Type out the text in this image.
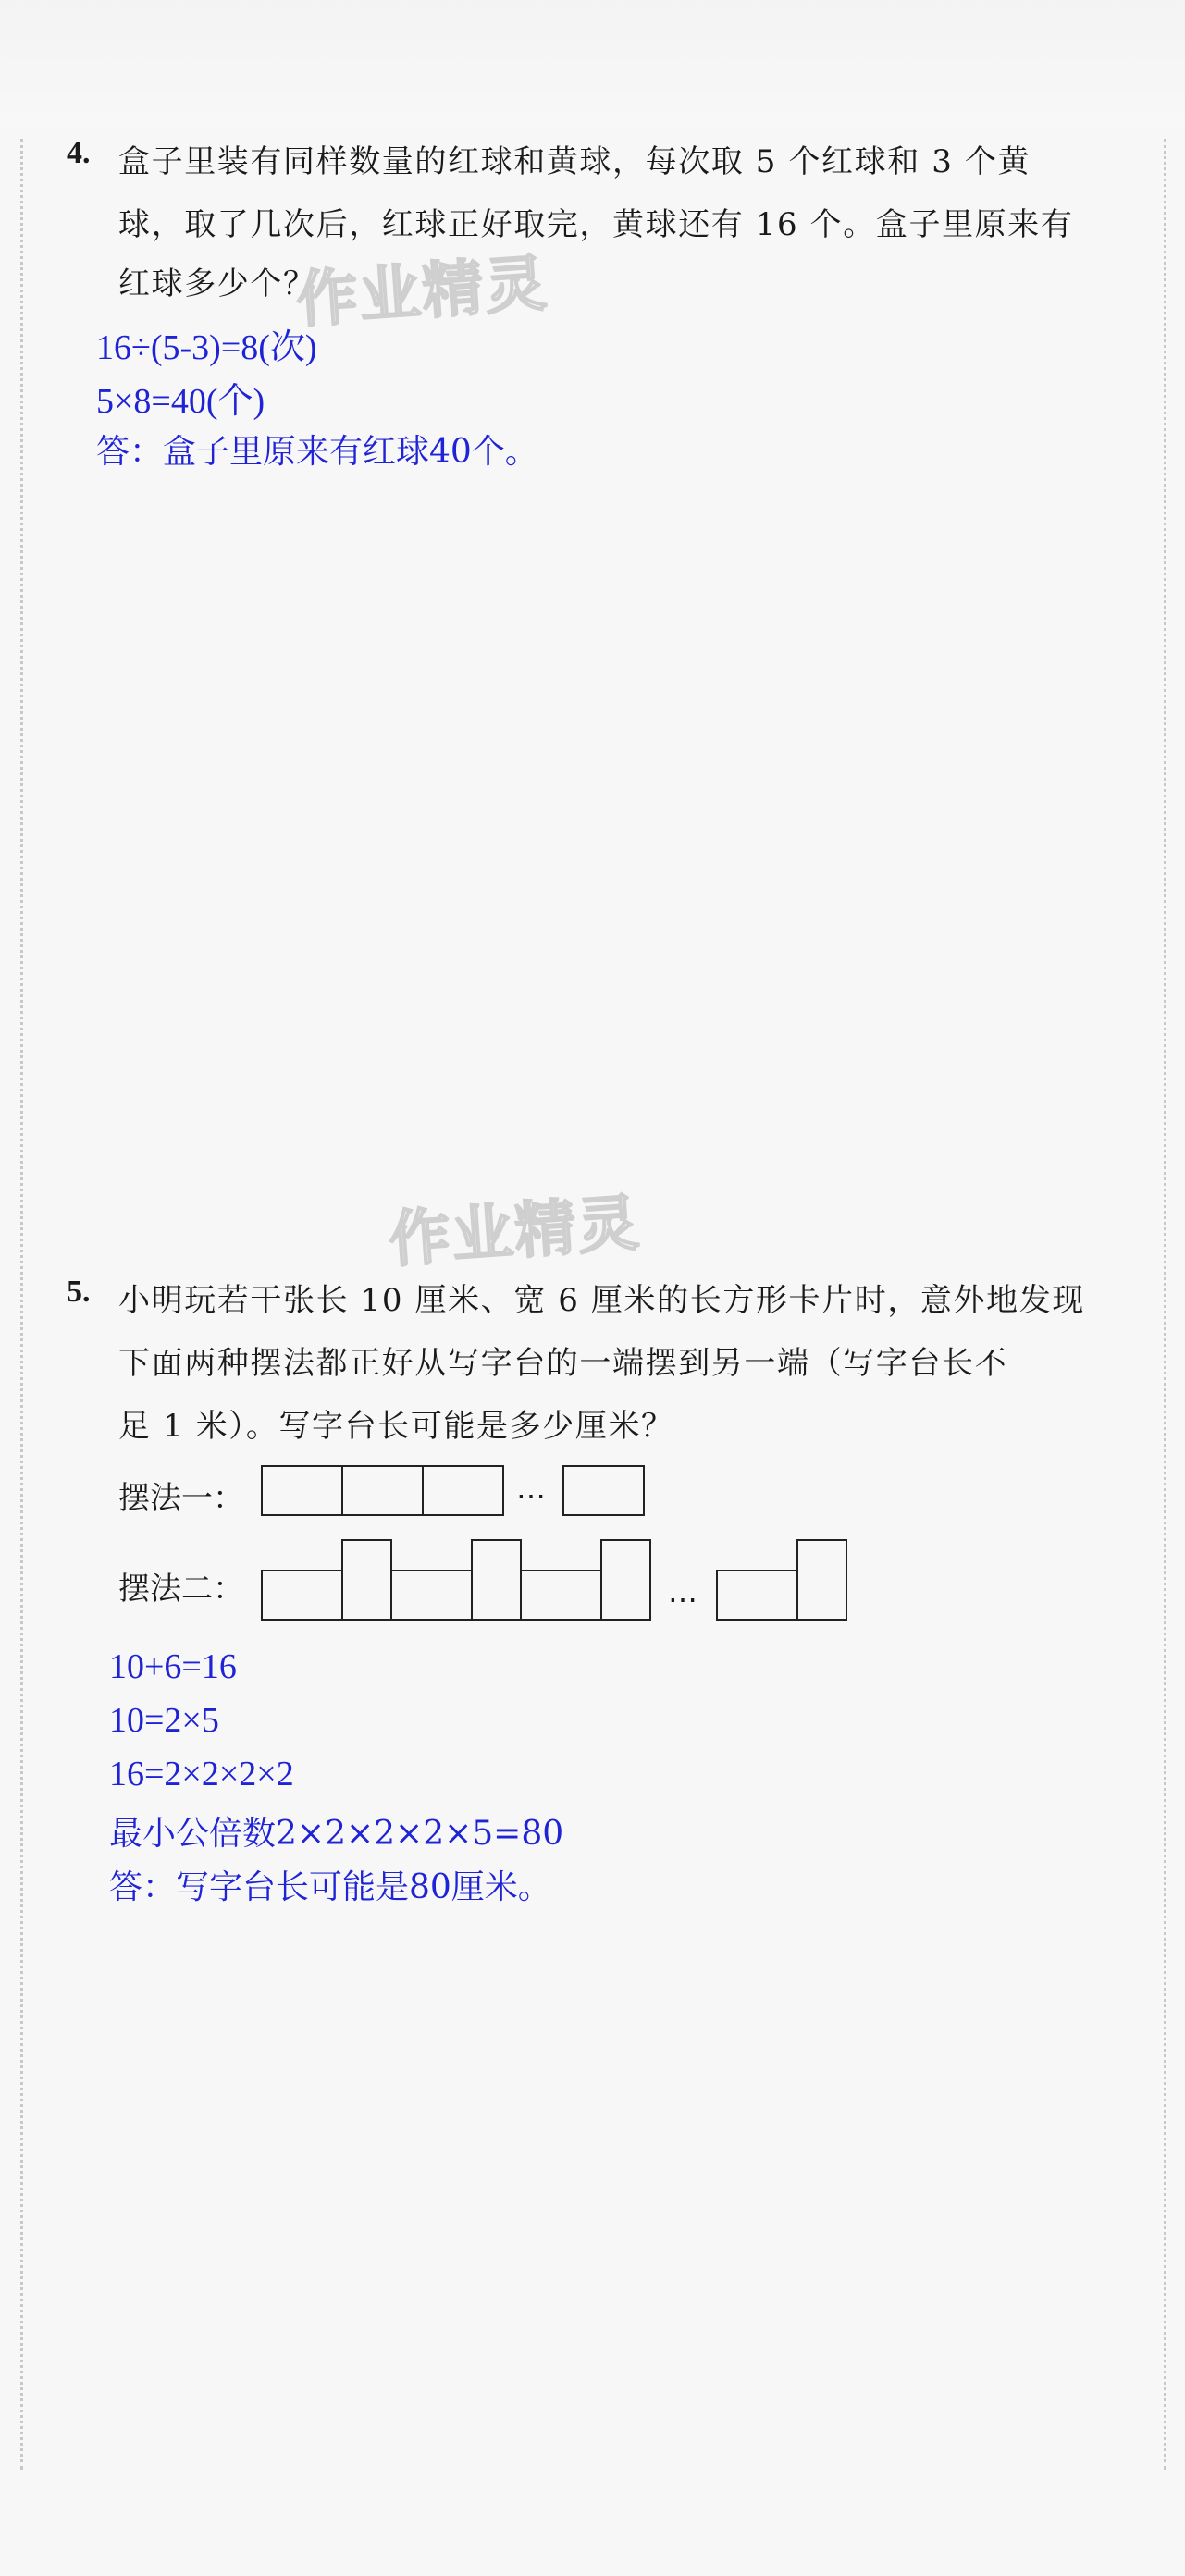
4. 盒子里装有同样数量的红球和黄球，每次取 5 个红球和 3 个黄
球，取了几次后，红球正好取完，黄球还有 16 个。盒子里原来有
红球多少个？
作业精灵
16÷(5-3)=8(次)
5×8=40(个)
答：盒子里原来有红球40个。
作业精灵
5. 小明玩若干张长 10 厘米、宽 6 厘米的长方形卡片时，意外地发现
下面两种摆法都正好从写字台的一端摆到另一端（写字台长不
足 1 米）。写字台长可能是多少厘米？
摆法一：	…
摆法二：	…
10+6=16
10=2×5
16=2×2×2×2
最小公倍数2×2×2×2×5=80
答：写字台长可能是80厘米。
